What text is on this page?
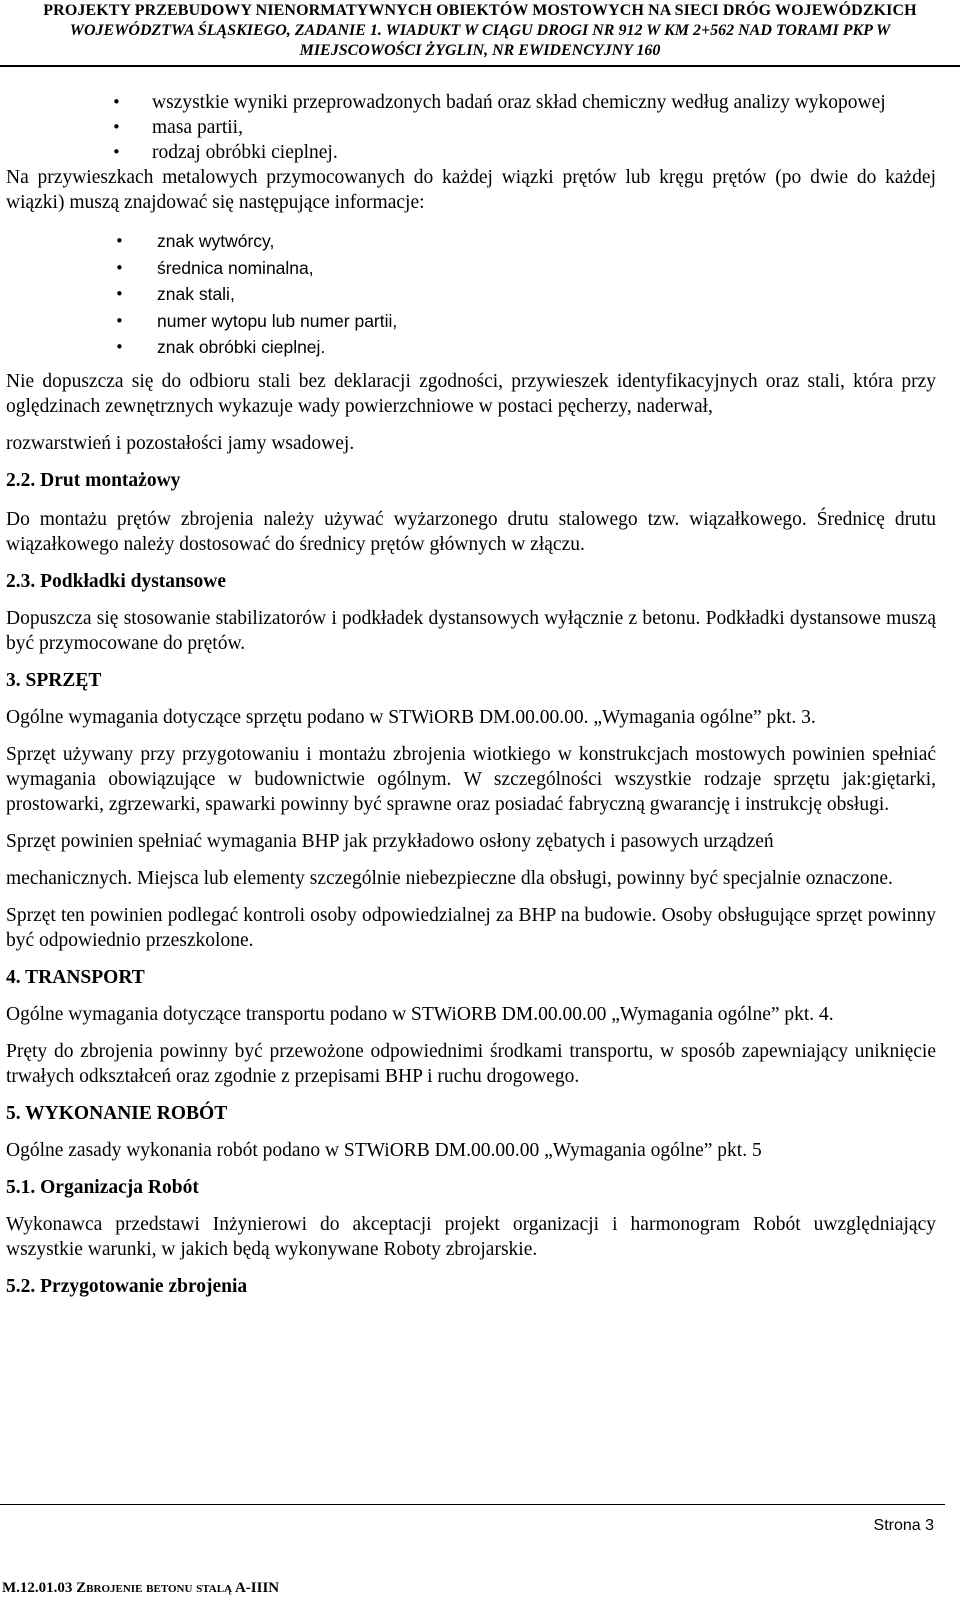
PROJEKTY PRZEBUDOWY NIENORMATYWNYCH OBIEKTÓW MOSTOWYCH NA SIECI DRÓG WOJEWÓDZKICH
WOJEWÓDZTWA ŚLĄSKIEGO, ZADANIE 1. WIADUKT W CIĄGU DROGI NR 912 W KM 2+562 NAD TORAMI PKP W
MIEJSCOWOŚCI ŻYGLIN, NR EWIDENCYJNY 160
• wszystkie wyniki przeprowadzonych badań oraz skład chemiczny według analizy wykopowej
• masa partii,
• rodzaj obróbki cieplnej.

Na przywieszkach metalowych przymocowanych do każdej wiązki prętów lub kręgu prętów (po dwie do każdej wiązki) muszą znajdować się następujące informacje:

• znak wytwórcy,
• średnica nominalna,
• znak stali,
• numer wytopu lub numer partii,
• znak obróbki cieplnej.

Nie dopuszcza się do odbioru stali bez deklaracji zgodności, przywieszek identyfikacyjnych oraz stali, która przy oględzinach zewnętrznych wykazuje wady powierzchniowe w postaci pęcherzy, naderwał,

rozwarstwień i pozostałości jamy wsadowej.

2.2. Drut montażowy

Do montażu prętów zbrojenia należy używać wyżarzonego drutu stalowego tzw. wiązałkowego. Średnicę drutu wiązałkowego należy dostosować do średnicy prętów głównych w złączu.

2.3. Podkładki dystansowe

Dopuszcza się stosowanie stabilizatorów i podkładek dystansowych wyłącznie z betonu. Podkładki dystansowe muszą być przymocowane do prętów.

3. SPRZĘT

Ogólne wymagania dotyczące sprzętu podano w STWiORB DM.00.00.00. „Wymagania ogólne” pkt. 3.

Sprzęt używany przy przygotowaniu i montażu zbrojenia wiotkiego w konstrukcjach mostowych powinien spełniać wymagania obowiązujące w budownictwie ogólnym. W szczególności wszystkie rodzaje sprzętu jak:giętarki, prostowarki, zgrzewarki, spawarki powinny być sprawne oraz posiadać fabryczną gwarancję i instrukcję obsługi.

Sprzęt powinien spełniać wymagania BHP jak przykładowo osłony zębatych i pasowych urządzeń

mechanicznych. Miejsca lub elementy szczególnie niebezpieczne dla obsługi, powinny być specjalnie oznaczone.

Sprzęt ten powinien podlegać kontroli osoby odpowiedzialnej za BHP na budowie. Osoby obsługujące sprzęt powinny być odpowiednio przeszkolone.

4. TRANSPORT

Ogólne wymagania dotyczące transportu podano w STWiORB DM.00.00.00 „Wymagania ogólne” pkt. 4.

Pręty do zbrojenia powinny być przewożone odpowiednimi środkami transportu, w sposób zapewniający uniknięcie trwałych odkształceń oraz zgodnie z przepisami BHP i ruchu drogowego.

5. WYKONANIE ROBÓT

Ogólne zasady wykonania robót podano w STWiORB DM.00.00.00 „Wymagania ogólne” pkt. 5

5.1. Organizacja Robót

Wykonawca przedstawi Inżynierowi do akceptacji projekt organizacji i harmonogram Robót uwzględniający wszystkie warunki, w jakich będą wykonywane Roboty zbrojarskie.

5.2. Przygotowanie zbrojenia
Strona 3
M.12.01.03 Zbrojenie betonu stalą A-IIIN
